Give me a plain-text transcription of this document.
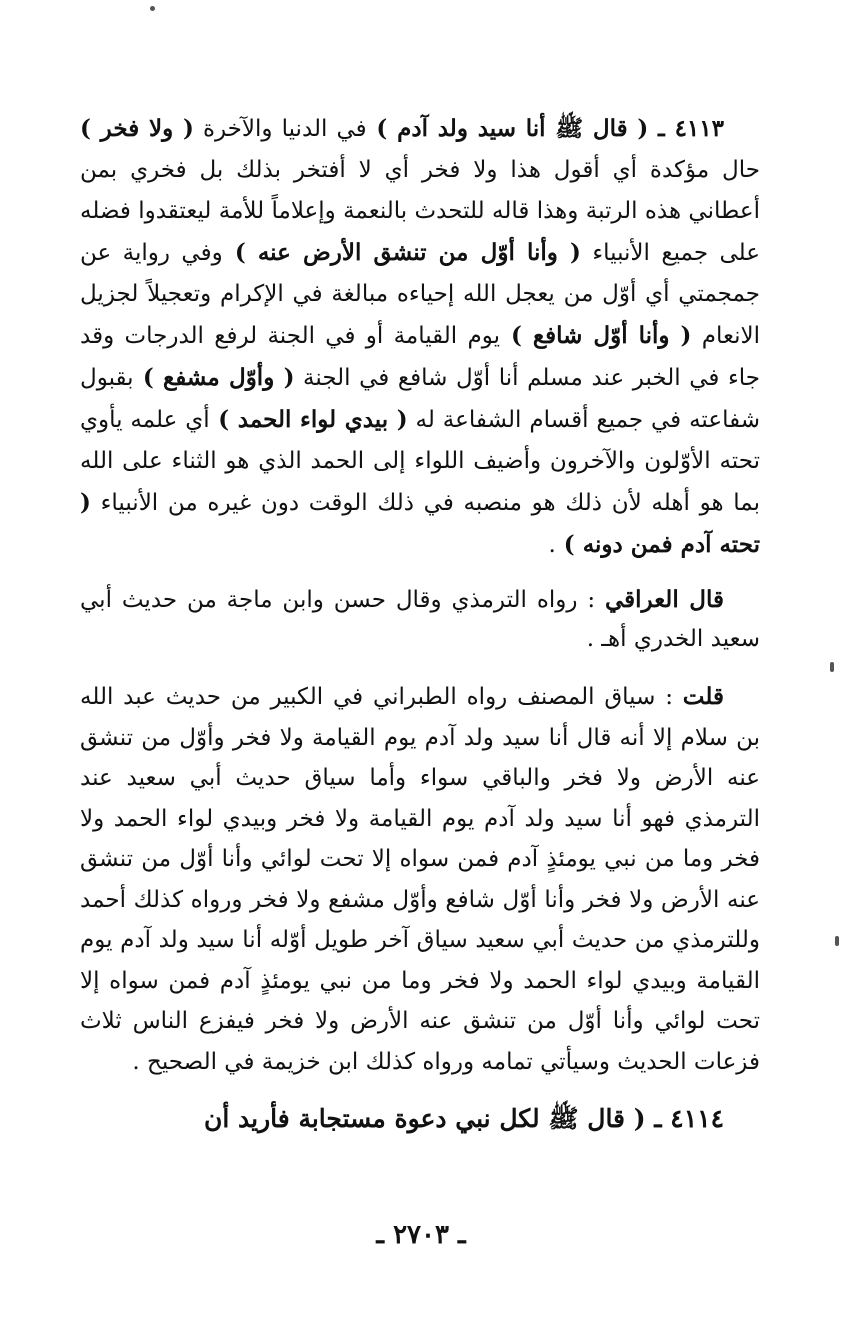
٤١١٣ ـ ( قال ﷺ أنا سيد ولد آدم ) في الدنيا والآخرة ( ولا فخر ) حال مؤكدة أي أقول هذا ولا فخر أي لا أفتخر بذلك بل فخري بمن أعطاني هذه الرتبة وهذا قاله للتحدث بالنعمة وإعلاماً للأمة ليعتقدوا فضله على جميع الأنبياء ( وأنا أوّل من تنشق الأرض عنه ) وفي رواية عن جمجمتي أي أوّل من يعجل الله إحياءه مبالغة في الإكرام وتعجيلاً لجزيل الانعام ( وأنا أوّل شافع ) يوم القيامة أو في الجنة لرفع الدرجات وقد جاء في الخبر عند مسلم أنا أوّل شافع في الجنة ( وأوّل مشفع ) بقبول شفاعته في جميع أقسام الشفاعة له ( بيدي لواء الحمد ) أي علمه يأوي تحته الأوّلون والآخرون وأضيف اللواء إلى الحمد الذي هو الثناء على الله بما هو أهله لأن ذلك هو منصبه في ذلك الوقت دون غيره من الأنبياء ( تحته آدم فمن دونه ) .

قال العراقي : رواه الترمذي وقال حسن وابن ماجة من حديث أبي سعيد الخدري أهـ .

قلت : سياق المصنف رواه الطبراني في الكبير من حديث عبد الله بن سلام إلا أنه قال أنا سيد ولد آدم يوم القيامة ولا فخر وأوّل من تنشق عنه الأرض ولا فخر والباقي سواء وأما سياق حديث أبي سعيد عند الترمذي فهو أنا سيد ولد آدم يوم القيامة ولا فخر وبيدي لواء الحمد ولا فخر وما من نبي يومئذٍ آدم فمن سواه إلا تحت لوائي وأنا أوّل من تنشق عنه الأرض ولا فخر وأنا أوّل شافع وأوّل مشفع ولا فخر ورواه كذلك أحمد وللترمذي من حديث أبي سعيد سياق آخر طويل أوّله أنا سيد ولد آدم يوم القيامة وبيدي لواء الحمد ولا فخر وما من نبي يومئذٍ آدم فمن سواه إلا تحت لوائي وأنا أوّل من تنشق عنه الأرض ولا فخر فيفزع الناس ثلاث فزعات الحديث وسيأتي تمامه ورواه كذلك ابن خزيمة في الصحيح .

٤١١٤ ـ ( قال ﷺ لكل نبي دعوة مستجابة فأريد أن

ـ ٢٧٠٣ ـ
